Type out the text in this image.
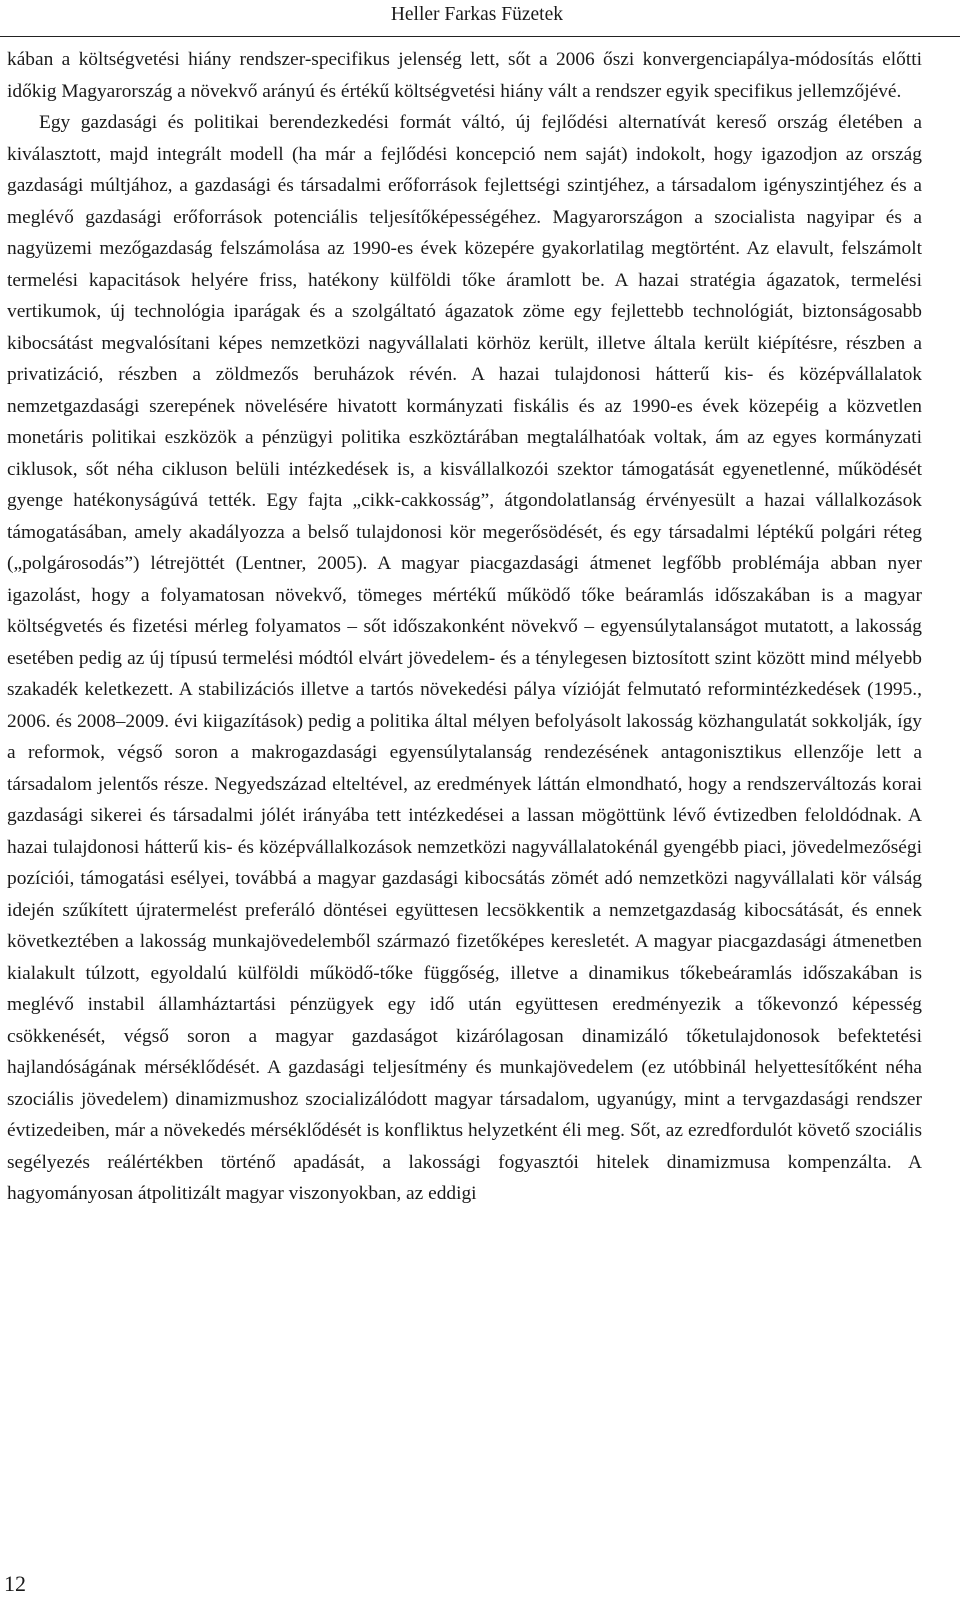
Heller Farkas Füzetek

kában a költségvetési hiány rendszer-specifikus jelenség lett, sőt a 2006 őszi konvergenciapálya-módosítás előtti időkig Magyarország a növekvő arányú és értékű költségvetési hiány vált a rendszer egyik specifikus jellemzőjévé.

Egy gazdasági és politikai berendezkedési formát váltó, új fejlődési alternatívát kereső ország életében a kiválasztott, majd integrált modell (ha már a fejlődési koncepció nem saját) indokolt, hogy igazodjon az ország gazdasági múltjához, a gazdasági és társadalmi erőforrások fejlettségi szintjéhez, a társadalom igényszintjéhez és a meglévő gazdasági erőforrások potenciális teljesítőképességéhez. Magyarországon a szocialista nagyipar és a nagyüzemi mezőgazdaság felszámolása az 1990-es évek közepére gyakorlatilag megtörtént. Az elavult, felszámolt termelési kapacitások helyére friss, hatékony külföldi tőke áramlott be. A hazai stratégia ágazatok, termelési vertikumok, új technológia iparágak és a szolgáltató ágazatok zöme egy fejlettebb technológiát, biztonságosabb kibocsátást megvalósítani képes nemzetközi nagyvállalati körhöz került, illetve általa került kiépítésre, részben a privatizáció, részben a zöldmezős beruházok révén. A hazai tulajdonosi hátterű kis- és középvállalatok nemzetgazdasági szerepének növelésére hivatott kormányzati fiskális és az 1990-es évek közepéig a közvetlen monetáris politikai eszközök a pénzügyi politika eszköztárában megtalálhatóak voltak, ám az egyes kormányzati ciklusok, sőt néha cikluson belüli intézkedések is, a kisvállalkozói szektor támogatását egyenetlenné, működését gyenge hatékonyságúvá tették. Egy fajta „cikk-cakkosság”, átgondolatlanság érvényesült a hazai vállalkozások támogatásában, amely akadályozza a belső tulajdonosi kör megerősödését, és egy társadalmi léptékű polgári réteg („polgárosodás”) létrejöttét (Lentner, 2005). A magyar piacgazdasági átmenet legfőbb problémája abban nyer igazolást, hogy a folyamatosan növekvő, tömeges mértékű működő tőke beáramlás időszakában is a magyar költségvetés és fizetési mérleg folyamatos – sőt időszakonként növekvő – egyensúlytalanságot mutatott, a lakosság esetében pedig az új típusú termelési módtól elvárt jövedelem- és a ténylegesen biztosított szint között mind mélyebb szakadék keletkezett. A stabilizációs illetve a tartós növekedési pálya vízióját felmutató reformintézkedések (1995., 2006. és 2008–2009. évi kiigazítások) pedig a politika által mélyen befolyásolt lakosság közhangulatát sokkolják, így a reformok, végső soron a makrogazdasági egyensúlytalanság rendezésének antagonisztikus ellenzője lett a társadalom jelentős része. Negyedszázad elteltével, az eredmények láttán elmondható, hogy a rendszerváltozás korai gazdasági sikerei és társadalmi jólét irányába tett intézkedései a lassan mögöttünk lévő évtizedben feloldódnak. A hazai tulajdonosi hátterű kis- és középvállalkozások nemzetközi nagyvállalatokénál gyengébb piaci, jövedelmezőségi pozíciói, támogatási esélyei, továbbá a magyar gazdasági kibocsátás zömét adó nemzetközi nagyvállalati kör válság idején szűkített újratermelést preferáló döntései együttesen lecsökkentik a nemzetgazdaság kibocsátását, és ennek következtében a lakosság munkajövedelemből származó fizetőképes keresletét. A magyar piacgazdasági átmenetben kialakult túlzott, egyoldalú külföldi működő-tőke függőség, illetve a dinamikus tőkebeáramlás időszakában is meglévő instabil államháztartási pénzügyek egy idő után együttesen eredményezik a tőkevonzó képesség csökkenését, végső soron a magyar gazdaságot kizárólagosan dinamizáló tőketulajdonosok befektetési hajlandóságának mérséklődését. A gazdasági teljesítmény és munkajövedelem (ez utóbbinál helyettesítőként néha szociális jövedelem) dinamizmushoz szocializálódott magyar társadalom, ugyanúgy, mint a tervgazdasági rendszer évtizedeiben, már a növekedés mérséklődését is konfliktus helyzetként éli meg. Sőt, az ezredfordulót követő szociális segélyezés reálértékben történő apadását, a lakossági fogyasztói hitelek dinamizmusa kompenzálta. A hagyományosan átpolitizált magyar viszonyokban, az eddigi

12
